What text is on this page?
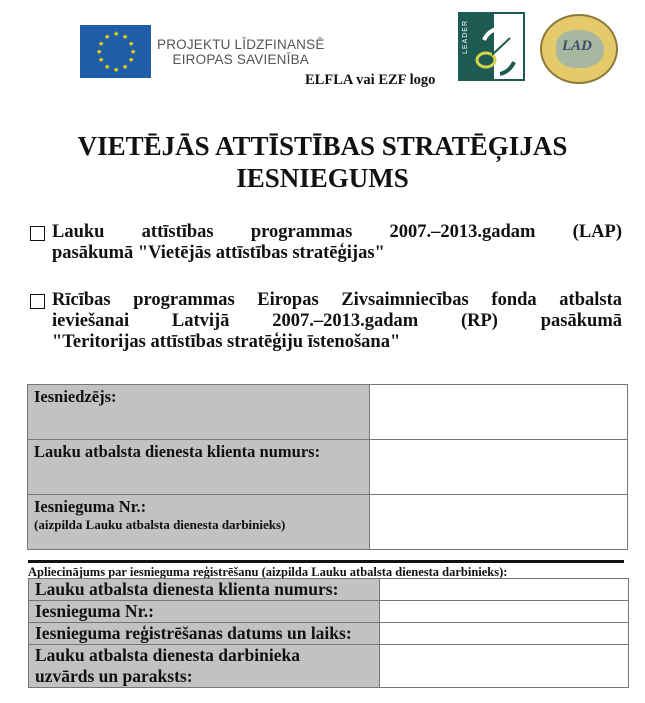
★ ★
★
★
★
★
★
★
★
★
★
★	PROJEKTU LĪDZFINANSĒ
EIROPAS SAVIENĪBA
ELFLA vai EZF logo
LEADER	LAD
VIETĒJĀS ATTĪSTĪBAS STRATĒĢIJAS
IESNIEGUMS
Lauku attīstības programmas 2007.–2013.gadam (LAP)
pasākumā "Vietējās attīstības stratēģijas"
Rīcības programmas Eiropas Zivsaimniecības fonda atbalsta
ieviešanai Latvijā 2007.–2013.gadam (RP) pasākumā
"Teritorijas attīstības stratēģiju īstenošana"
Iesniedzējs:	
Lauku atbalsta dienesta klienta numurs:	

Iesnieguma Nr.:
(aizpilda Lauku atbalsta dienesta darbinieks)	

Apliecinājums par iesnieguma reģistrēšanu (aizpilda Lauku atbalsta dienesta darbinieks):
Lauku atbalsta dienesta klienta numurs:	
Iesnieguma Nr.:	
Iesnieguma reģistrēšanas datums un laiks:	

Lauku atbalsta dienesta darbinieka
uzvārds un paraksts:	
